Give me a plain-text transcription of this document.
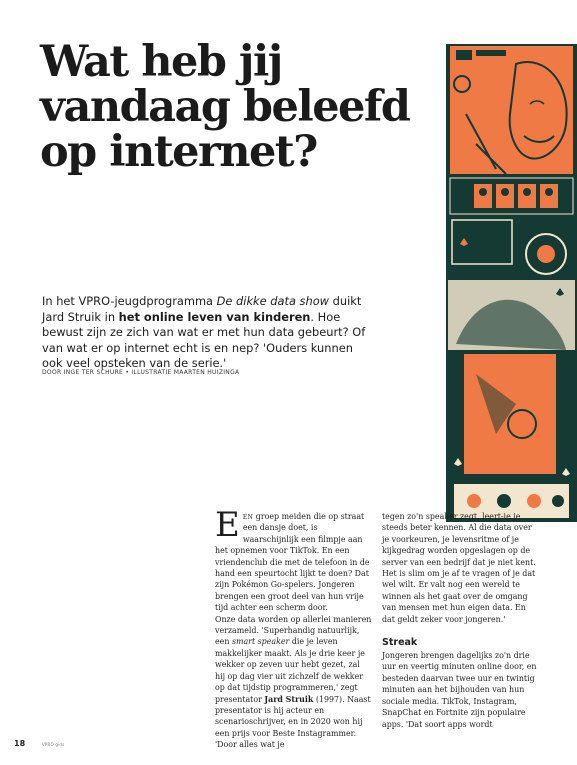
Wat heb jij
vandaag beleefd
op internet?

In het VPRO-jeugdprogramma De dikke data show duikt Jard Struik in het online leven van kinderen. Hoe bewust zijn ze zich van wat er met hun data gebeurt? Of van wat er op internet echt is en nep? 'Ouders kunnen ook veel opsteken van de serie.'

DOOR INGE TER SCHURE • ILLUSTRATIE MAARTEN HUIZINGA

Een groep meiden die op straat een dansje doet, is waarschijnlijk een filmpje aan het opnemen voor TikTok. En een vriendenclub die met de telefoon in de hand een speurtocht lijkt te doen? Dat zijn Pokémon Go-spelers. Jongeren brengen een groot deel van hun vrije tijd achter een scherm door.

Onze data worden op allerlei manieren verzameld. 'Superhandig natuurlijk, een smart speaker die je leven makkelijker maakt. Als je drie keer je wekker op zeven uur hebt gezet, zal hij op dag vier uit zichzelf de wekker op dat tijdstip programmeren,' zegt presentator Jard Struik (1997). Naast presentator is hij acteur en scenarioschrijver, en in 2020 won hij een prijs voor Beste Instagrammer. 'Door alles wat je

tegen zo'n speaker zegt, leert-ie je steeds beter kennen. Al die data over je voorkeuren, je levensritme of je kijkgedrag worden opgeslagen op de server van een bedrijf dat je niet kent. Het is slim om je af te vragen of je dat wel wilt. Er valt nog een wereld te winnen als het gaat over de omgang van mensen met hun eigen data. En dat geldt zeker voor jongeren.'

Streak

Jongeren brengen dagelijks zo'n drie uur en veertig minuten online door, en besteden daarvan twee uur en twintig minuten aan het bijhouden van hun sociale media. TikTok, Instagram, SnapChat en Fortnite zijn populaire apps. 'Dat soort apps wordt

18	VPRO gids
